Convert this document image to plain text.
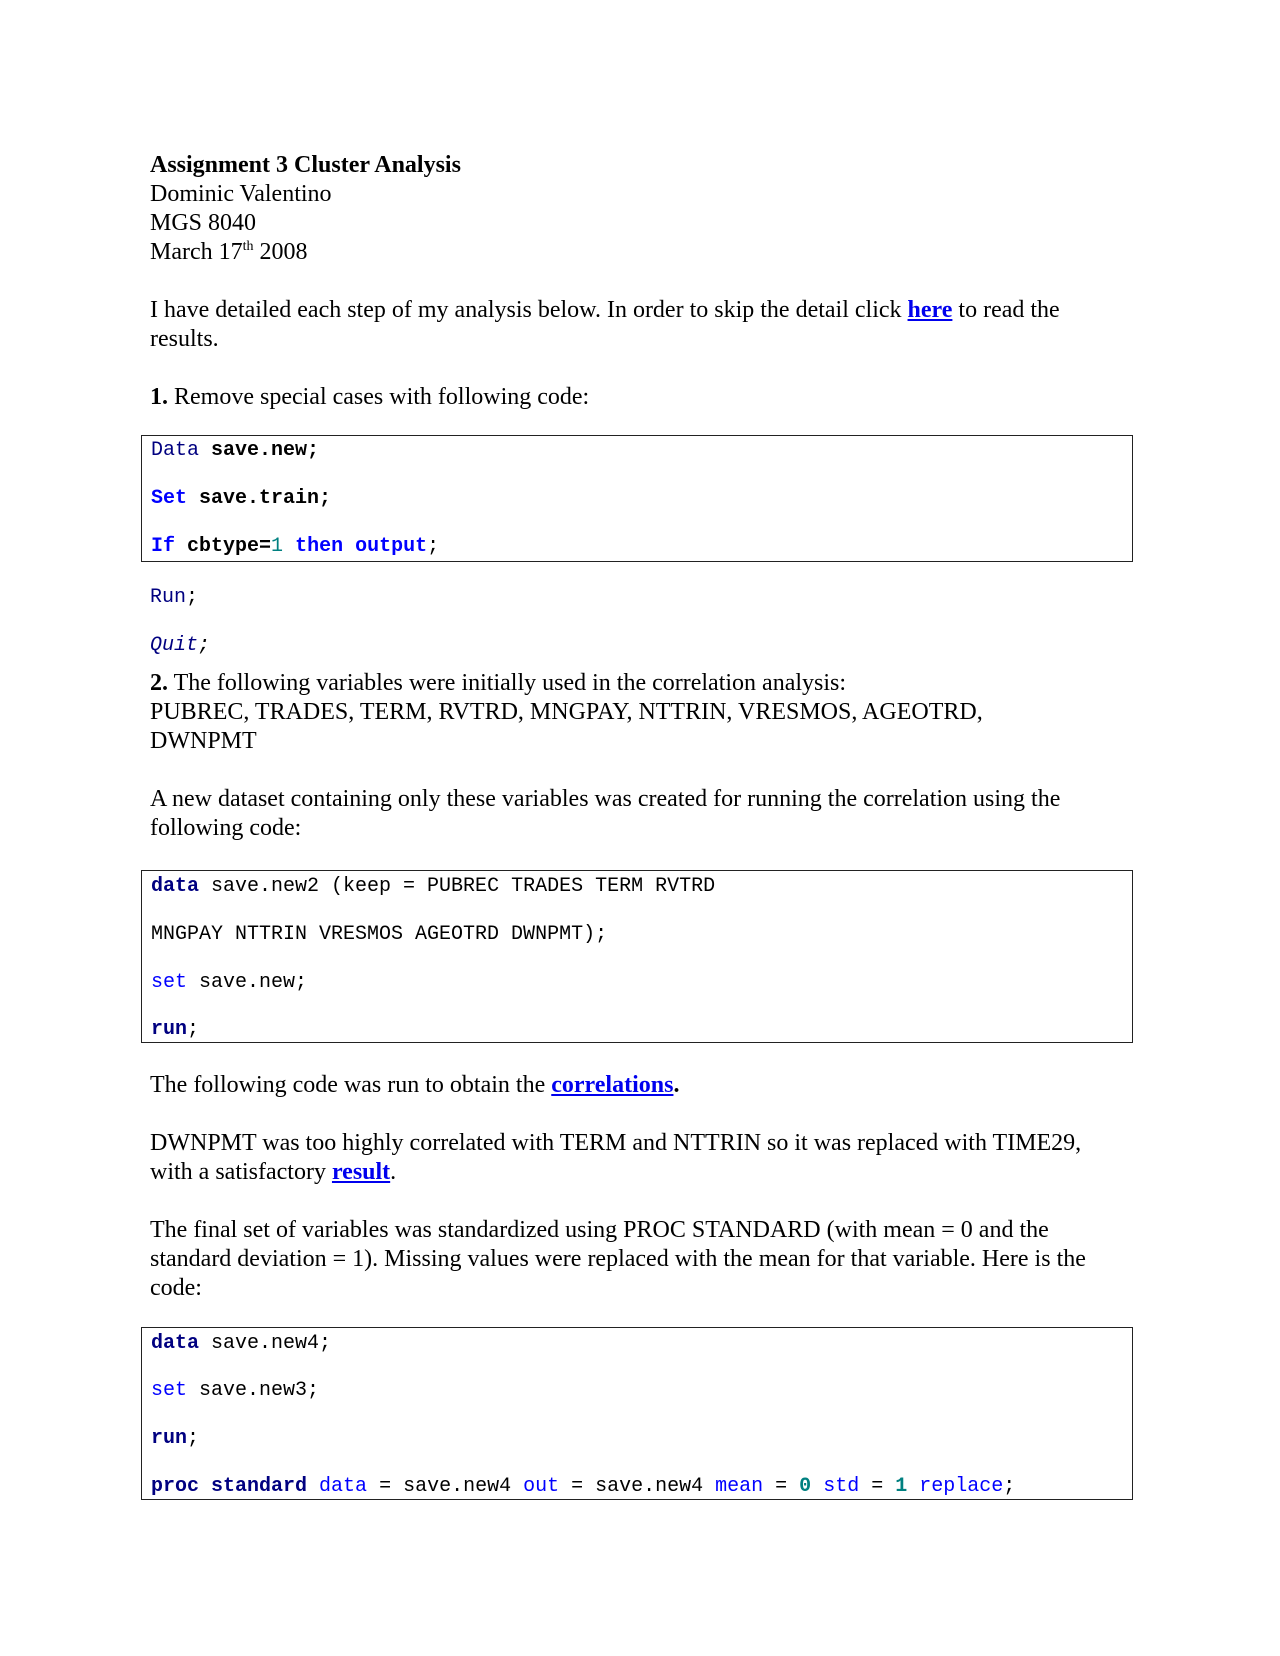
Assignment 3 Cluster Analysis

Dominic Valentino

MGS 8040

March 17th 2008

I have detailed each step of my analysis below. In order to skip the detail click here to read the results.

1. Remove special cases with following code:

Data save.new;
Set save.train;
If cbtype=1 then output;
Run;
Quit;

2. The following variables were initially used in the correlation analysis:

PUBREC, TRADES, TERM, RVTRD, MNGPAY, NTTRIN, VRESMOS, AGEOTRD,

DWNPMT

A new dataset containing only these variables was created for running the correlation using the

following code:

data save.new2 (keep = PUBREC TRADES TERM RVTRD
MNGPAY NTTRIN VRESMOS AGEOTRD DWNPMT);
set save.new;
run;

The following code was run to obtain the correlations.

DWNPMT was too highly correlated with TERM and NTTRIN so it was replaced with TIME29,

with a satisfactory result.

The final set of variables was standardized using PROC STANDARD (with mean = 0 and the

standard deviation = 1). Missing values were replaced with the mean for that variable. Here is the

code:

data save.new4;
set save.new3;
run;
proc standard data = save.new4 out = save.new4 mean = 0 std = 1 replace;
